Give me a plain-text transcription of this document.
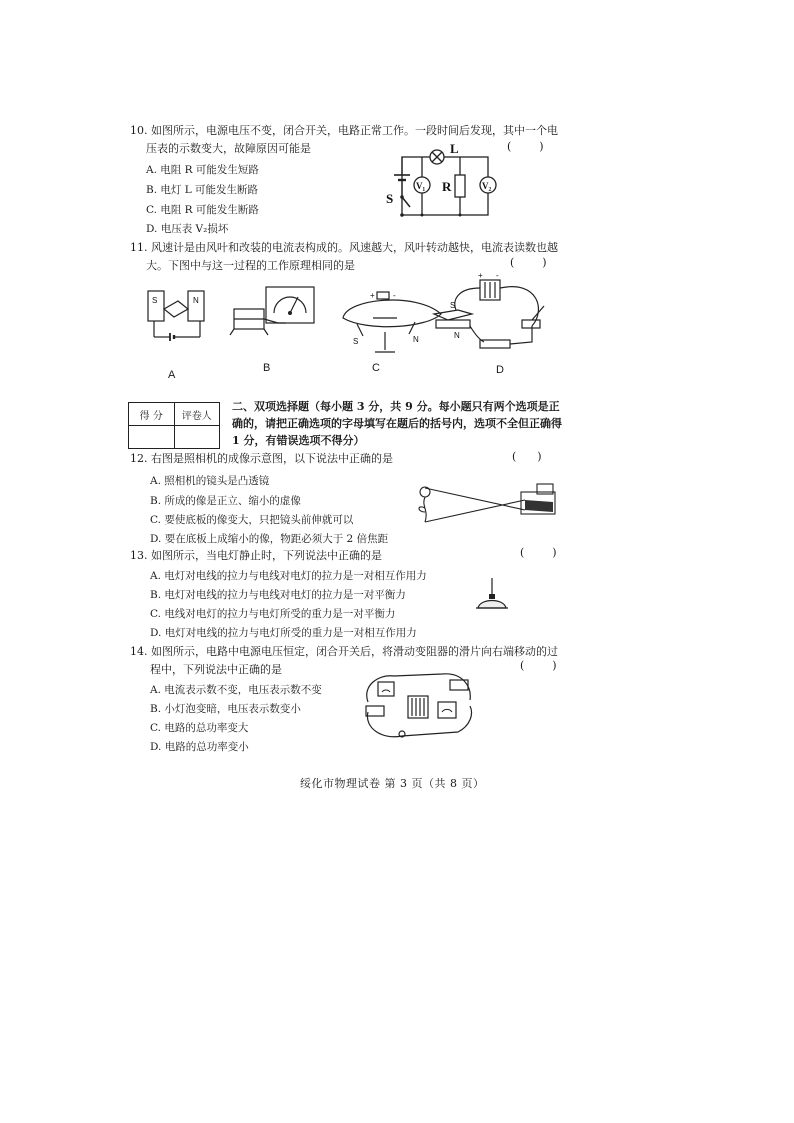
10. 如图所示，电源电压不变，闭合开关，电路正常工作。一段时间后发现，其中一个电
压表的示数变大，故障原因可能是	(        )
A. 电阻 R 可能发生短路
B. 电灯 L 可能发生断路
C. 电阻 R 可能发生断路
D. 电压表 V₂损坏
L
R
S
V₁	V₂
11. 风速计是由风叶和改装的电流表构成的。风速越大，风叶转动越快，电流表读数也越
大。下图中与这一过程的工作原理相同的是	(        )
S	N
A
B
+ -
S	N
C
+ -
S
N
D
得 分	评卷人

二、双项选择题（每小题 3 分，共 9 分。每小题只有两个选项是正确的，请把正确选项的字母填写在题后的括号内，选项不全但正确得 1 分，有错误选项不得分）
12. 右图是照相机的成像示意图，以下说法中正确的是	(      )
A. 照相机的镜头是凸透镜
B. 所成的像是正立、缩小的虚像
C. 要使底板的像变大，只把镜头前伸就可以
D. 要在底板上成缩小的像，物距必须大于 2 倍焦距
13. 如图所示，当电灯静止时，下列说法中正确的是	(        )
A. 电灯对电线的拉力与电线对电灯的拉力是一对相互作用力
B. 电灯对电线的拉力与电线对电灯的拉力是一对平衡力
C. 电线对电灯的拉力与电灯所受的重力是一对平衡力
D. 电灯对电线的拉力与电灯所受的重力是一对相互作用力
14. 如图所示，电路中电源电压恒定，闭合开关后，将滑动变阻器的滑片向右端移动的过
程中，下列说法中正确的是	(        )
A. 电流表示数不变，电压表示数不变
B. 小灯泡变暗，电压表示数变小
C. 电路的总功率变大
D. 电路的总功率变小
绥化市物理试卷 第 3 页（共 8 页）
